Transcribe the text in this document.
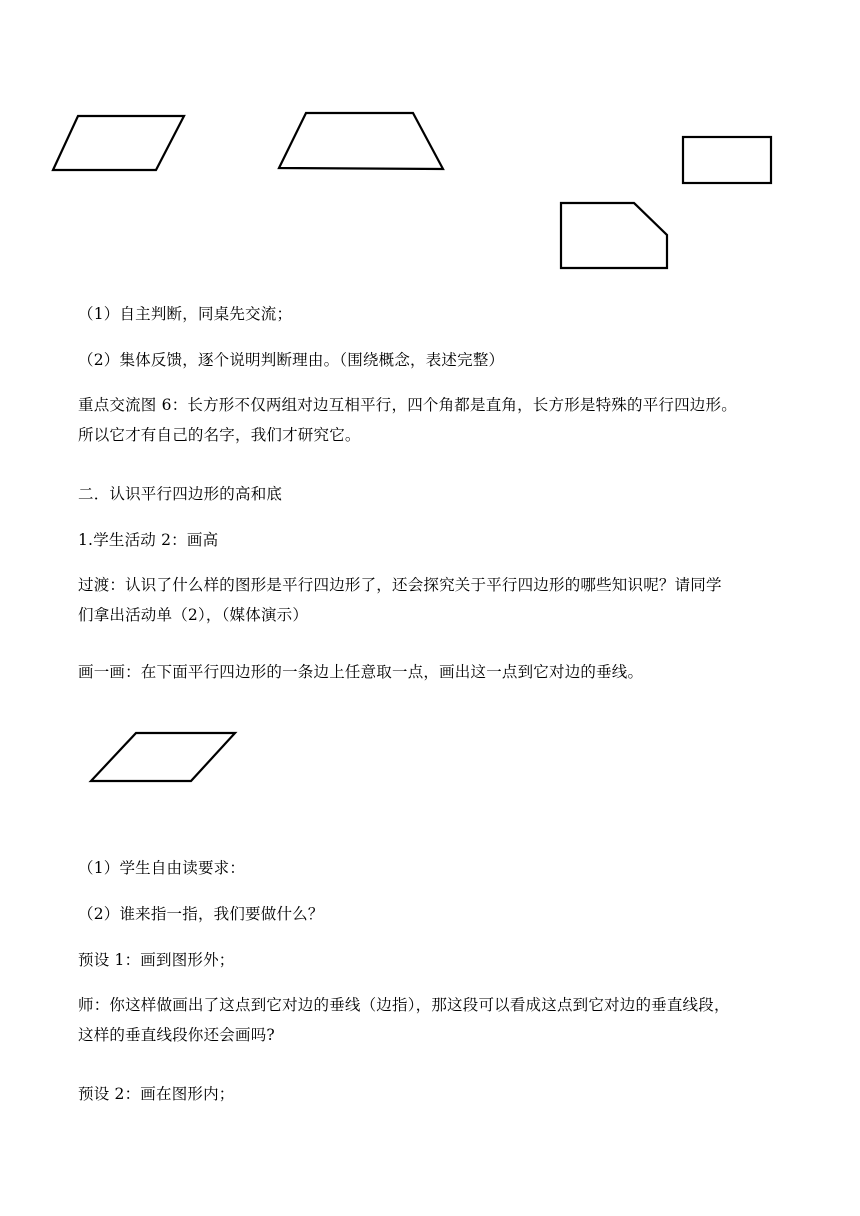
（1）自主判断，同桌先交流；
（2）集体反馈，逐个说明判断理由。（围绕概念，表述完整）
重点交流图 6：长方形不仅两组对边互相平行，四个角都是直角，长方形是特殊的平行四边形。
所以它才有自己的名字，我们才研究它。
二．认识平行四边形的高和底
1.学生活动 2：画高
过渡：认识了什么样的图形是平行四边形了，还会探究关于平行四边形的哪些知识呢？请同学
们拿出活动单（2），（媒体演示）
画一画：在下面平行四边形的一条边上任意取一点，画出这一点到它对边的垂线。
（1）学生自由读要求：
（2）谁来指一指，我们要做什么？
预设 1：画到图形外；
师：你这样做画出了这点到它对边的垂线（边指），那这段可以看成这点到它对边的垂直线段，
这样的垂直线段你还会画吗?
预设 2：画在图形内；
